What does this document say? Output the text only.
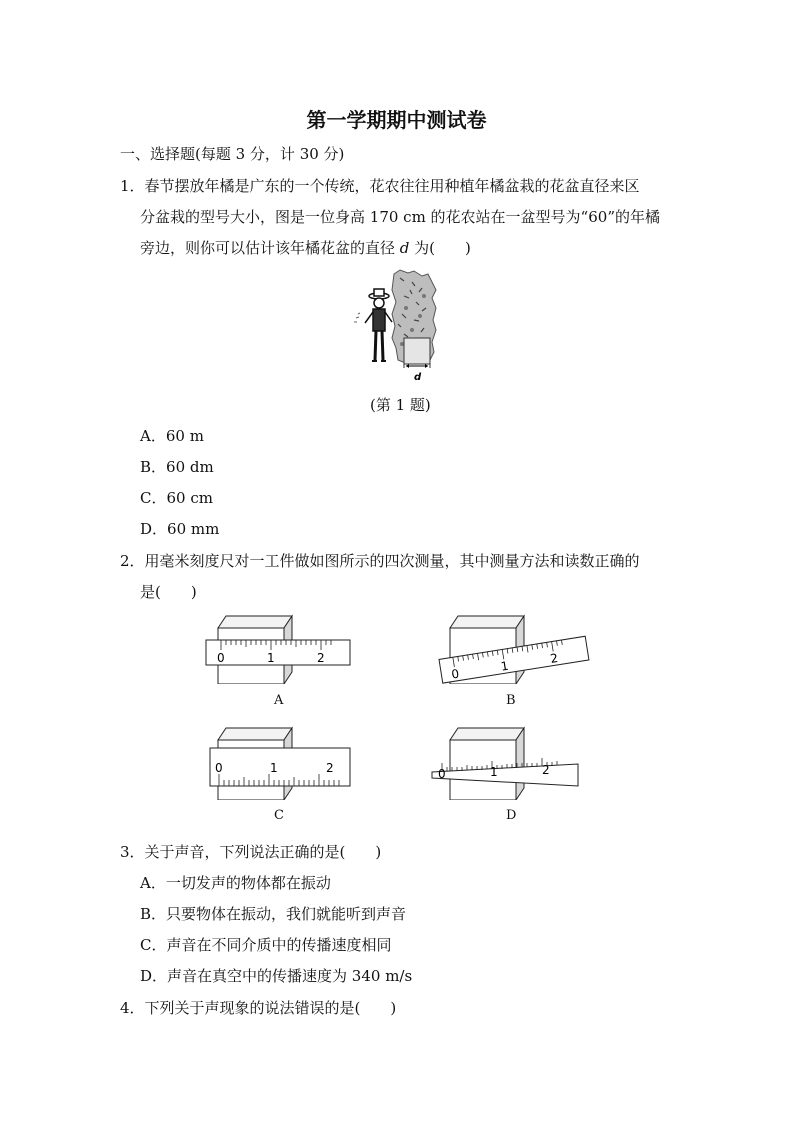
第一学期期中测试卷
一、选择题(每题 3 分，计 30 分)
1．春节摆放年橘是广东的一个传统，花农往往用种植年橘盆栽的花盆直径来区
分盆栽的型号大小，图是一位身高 170 cm 的花农站在一盆型号为“60”的年橘
旁边，则你可以估计该年橘花盆的直径 d 为(　　)
d
(第 1 题)
A．60 m
B．60 dm
C．60 cm
D．60 mm
2．用毫米刻度尺对一工件做如图所示的四次测量，其中测量方法和读数正确的
是(　　)
0	1	2
A
0
1
2
B
0	1	2
C
0	1	2
D
3．关于声音，下列说法正确的是(　　)
A．一切发声的物体都在振动
B．只要物体在振动，我们就能听到声音
C．声音在不同介质中的传播速度相同
D．声音在真空中的传播速度为 340 m/s
4．下列关于声现象的说法错误的是(　　)
